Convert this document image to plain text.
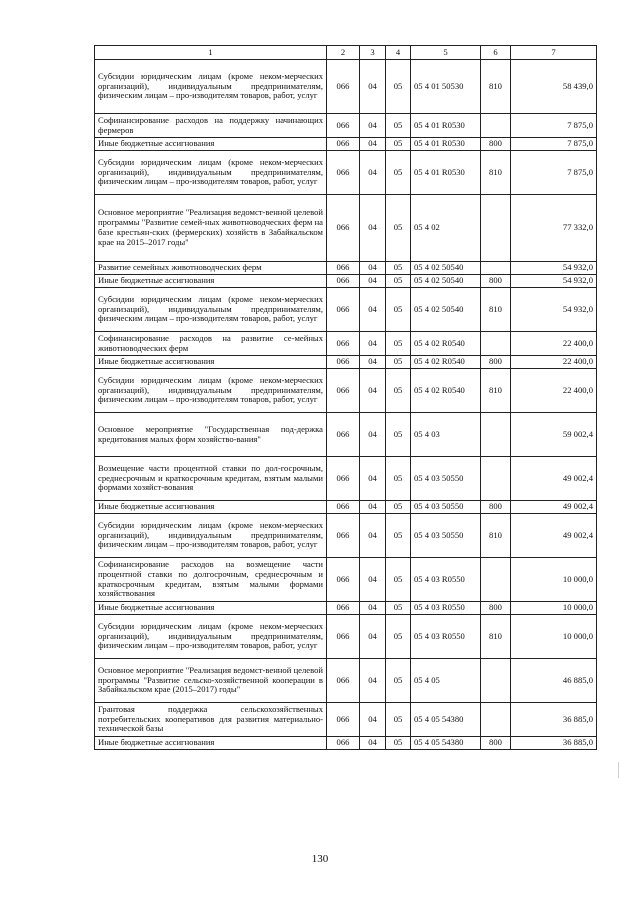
1	2	3	4	5	6	7
Субсидии юридическим лицам (кроме неком-мерческих организаций), индивидуальным предпринимателям, физическим лицам – про-изводителям товаров, работ, услуг	066	04	05	05 4 01 50530	810	58 439,0
Софинансирование расходов на поддержку начинающих фермеров	066	04	05	05 4 01 R0530		7 875,0
Иные бюджетные ассигнования	066	04	05	05 4 01 R0530	800	7 875,0
Субсидии юридическим лицам (кроме неком-мерческих организаций), индивидуальным предпринимателям, физическим лицам – про-изводителям товаров, работ, услуг	066	04	05	05 4 01 R0530	810	7 875,0
Основное мероприятие "Реализация ведомст-венной целевой программы "Развитие семей-ных животноводческих ферм на базе крестьян-ских (фермерских) хозяйств в Забайкальском крае на 2015–2017 годы"	066	04	05	05 4 02		77 332,0
Развитие семейных животноводческих ферм	066	04	05	05 4 02 50540		54 932,0
Иные бюджетные ассигнования	066	04	05	05 4 02 50540	800	54 932,0
Субсидии юридическим лицам (кроме неком-мерческих организаций), индивидуальным предпринимателям, физическим лицам – про-изводителям товаров, работ, услуг	066	04	05	05 4 02 50540	810	54 932,0
Софинансирование расходов на развитие се-мейных животноводческих ферм	066	04	05	05 4 02 R0540		22 400,0
Иные бюджетные ассигнования	066	04	05	05 4 02 R0540	800	22 400,0
Субсидии юридическим лицам (кроме неком-мерческих организаций), индивидуальным предпринимателям, физическим лицам – про-изводителям товаров, работ, услуг	066	04	05	05 4 02 R0540	810	22 400,0
Основное мероприятие "Государственная под-держка кредитования малых форм хозяйство-вания"	066	04	05	05 4 03		59 002,4
Возмещение части процентной ставки по дол-госрочным, среднесрочным и краткосрочным кредитам, взятым малыми формами хозяйст-вования	066	04	05	05 4 03 50550		49 002,4
Иные бюджетные ассигнования	066	04	05	05 4 03 50550	800	49 002,4
Субсидии юридическим лицам (кроме неком-мерческих организаций), индивидуальным предпринимателям, физическим лицам – про-изводителям товаров, работ, услуг	066	04	05	05 4 03 50550	810	49 002,4
Софинансирование расходов на возмещение части процентной ставки по долгосрочным, среднесрочным и краткосрочным кредитам, взятым малыми формами хозяйствования	066	04	05	05 4 03 R0550		10 000,0
Иные бюджетные ассигнования	066	04	05	05 4 03 R0550	800	10 000,0
Субсидии юридическим лицам (кроме неком-мерческих организаций), индивидуальным предпринимателям, физическим лицам – про-изводителям товаров, работ, услуг	066	04	05	05 4 03 R0550	810	10 000,0
Основное мероприятие "Реализация ведомст-венной целевой программы "Развитие сельско-хозяйственной кооперации в Забайкальском крае (2015–2017) годы"	066	04	05	05 4 05		46 885,0
Грантовая поддержка сельскохозяйственных потребительских кооперативов для развития материально-технической базы	066	04	05	05 4 05 54380		36 885,0
Иные бюджетные ассигнования	066	04	05	05 4 05 54380	800	36 885,0
130
